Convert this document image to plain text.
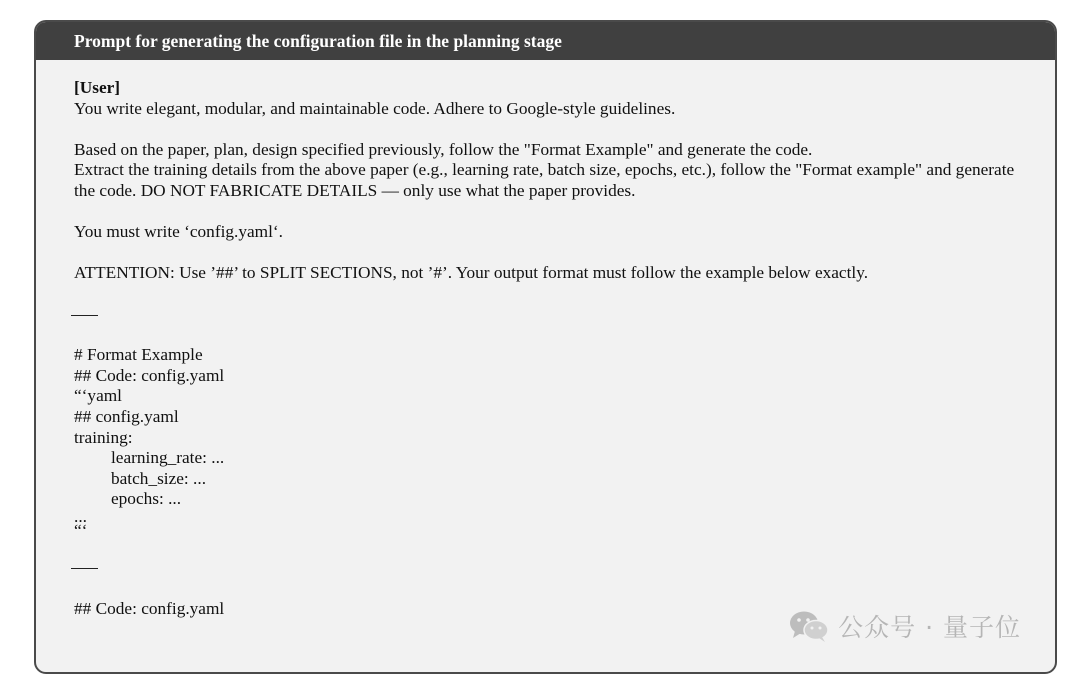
Prompt for generating the configuration file in the planning stage
[User]
You write elegant, modular, and maintainable code. Adhere to Google-style guidelines.
Based on the paper, plan, design specified previously, follow the "Format Example" and generate the code.
Extract the training details from the above paper (e.g., learning rate, batch size, epochs, etc.), follow the "Format example" and generate the code. DO NOT FABRICATE DETAILS — only use what the paper provides.
You must write ‘config.yaml‘.
ATTENTION: Use ’##’ to SPLIT SECTIONS, not ’#’. Your output format must follow the example below exactly.
# Format Example
## Code: config.yaml
“‘yaml
## config.yaml
training:
learning_rate: ...
batch_size: ...
epochs: ...
...
“‘
## Code: config.yaml
公众号 · 量子位
